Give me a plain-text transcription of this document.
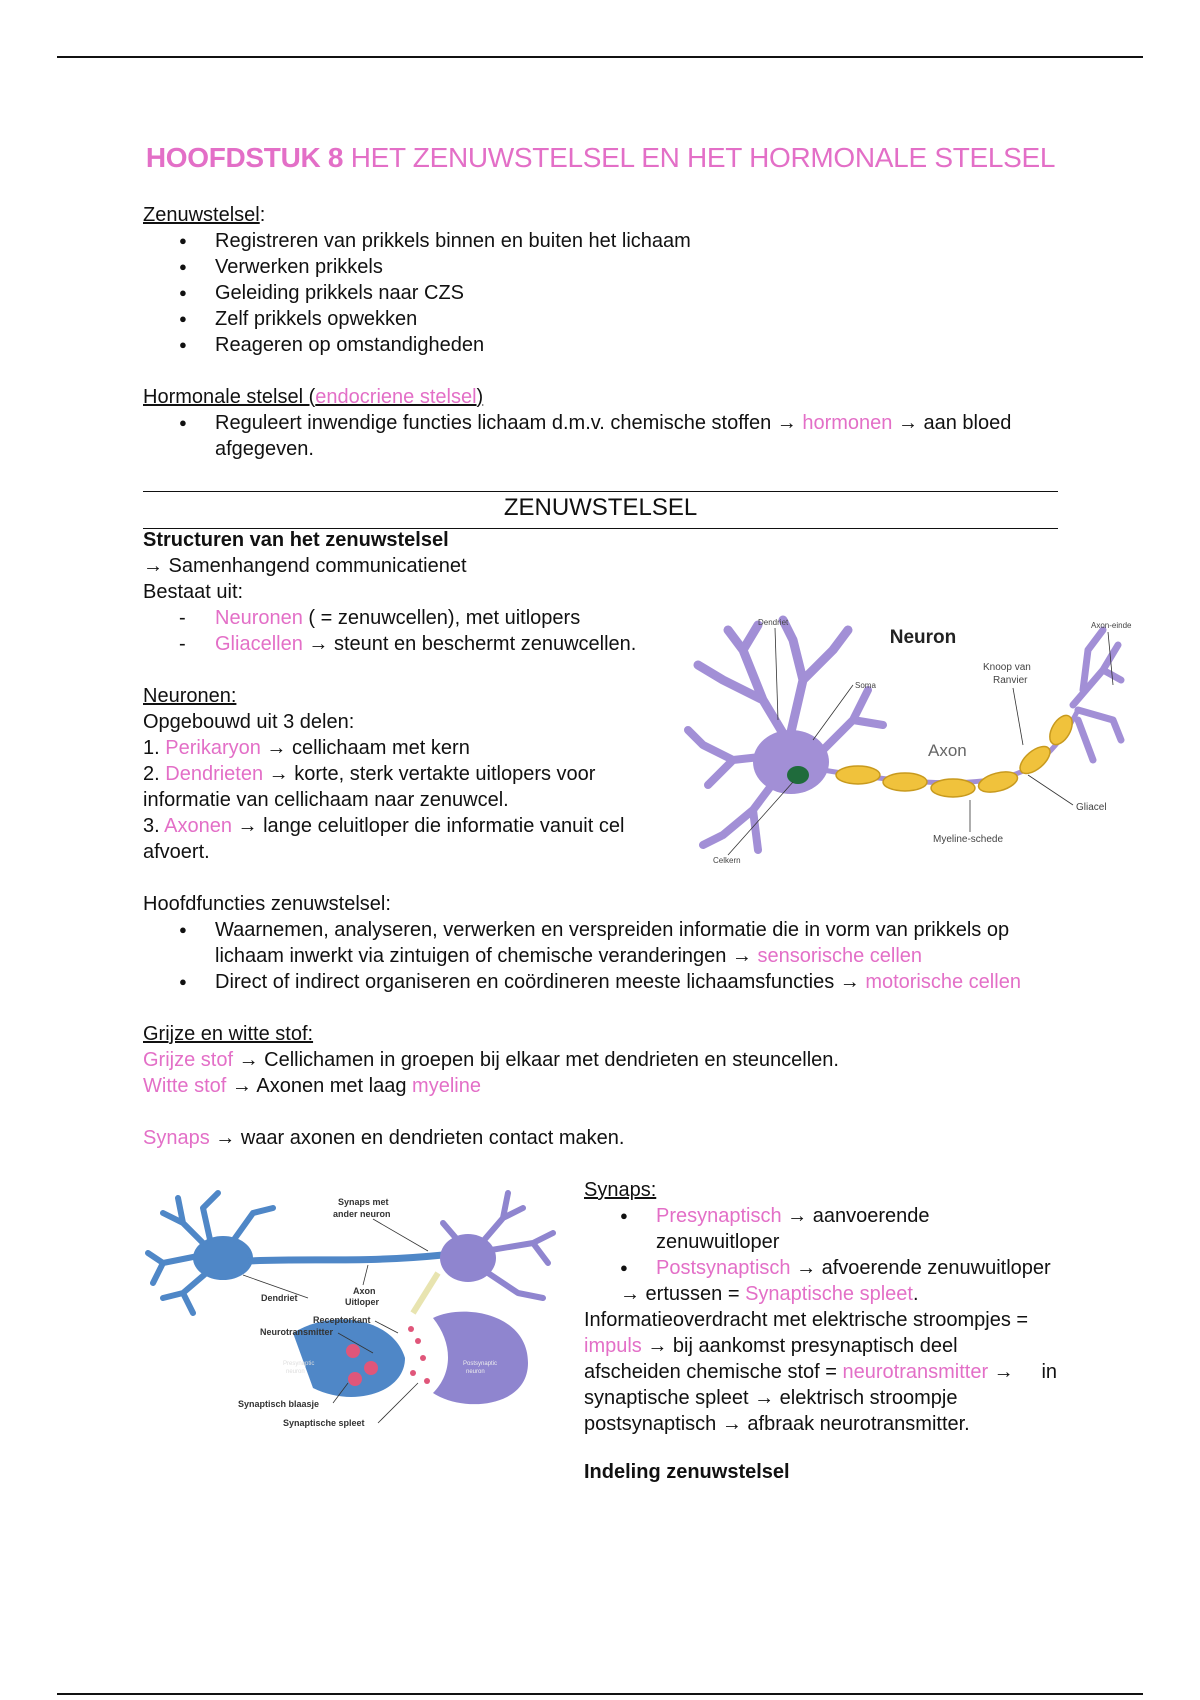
HOOFDSTUK 8 HET ZENUWSTELSEL EN HET HORMONALE STELSEL
Zenuwstelsel:
● Registreren van prikkels binnen en buiten het lichaam
● Verwerken prikkels
● Geleiding prikkels naar CZS
● Zelf prikkels opwekken
● Reageren op omstandigheden
Hormonale stelsel (endocriene stelsel)
● Reguleert inwendige functies lichaam d.m.v. chemische stoffen → hormonen → aan bloed afgegeven.
ZENUWSTELSEL
Structuren van het zenuwstelsel
→ Samenhangend communicatienet
Bestaat uit:
- Neuronen ( = zenuwcellen), met uitlopers
- Gliacellen → steunt en beschermt zenuwcellen.
Neuronen:
Opgebouwd uit 3 delen:
1. Perikaryon → cellichaam met kern
2. Dendrieten → korte, sterk vertakte uitlopers voor informatie van cellichaam naar zenuwcel.
3. Axonen → lange celuitloper die informatie vanuit cel afvoert.
Neuron
Dendriet
Soma
Axon
Knoop van
Ranvier
Axon-einde
Gliacel
Myeline-schede
Celkern
Hoofdfuncties zenuwstelsel:
● Waarnemen, analyseren, verwerken en verspreiden informatie die in vorm van prikkels op lichaam inwerkt via zintuigen of chemische veranderingen → sensorische cellen
● Direct of indirect organiseren en coördineren meeste lichaamsfuncties → motorische cellen
Grijze en witte stof:
Grijze stof → Cellichamen in groepen bij elkaar met dendrieten en steuncellen.
Witte stof → Axonen met laag myeline
Synaps → waar axonen en dendrieten contact maken.
Synaps met
ander neuron
Dendriet
Axon
Uitloper
Receptorkant
Neurotransmitter
Presynaptic
neuron
Postsynaptic
neuron
Synaptisch blaasje
Synaptische spleet
Synaps:
● Presynaptisch → aanvoerende zenuwuitloper
● Postsynaptisch → afvoerende zenuwuitloper
→ ertussen = Synaptische spleet.
Informatieoverdracht met elektrische stroompjes = impuls → bij aankomst presynaptisch deel afscheiden chemische stof = neurotransmitter →     in synaptische spleet → elektrisch stroompje postsynaptisch → afbraak neurotransmitter.
Indeling zenuwstelsel
